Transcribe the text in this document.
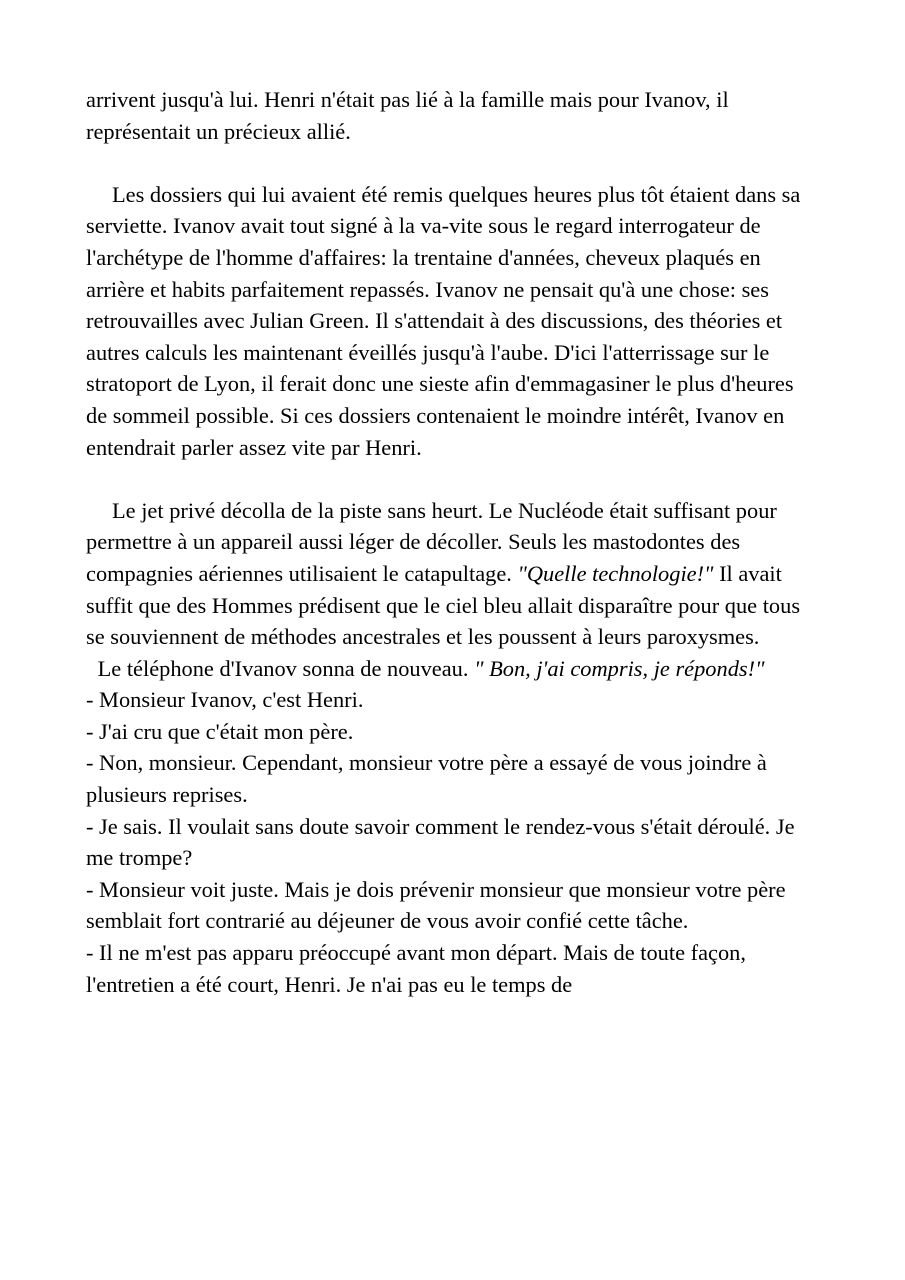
arrivent jusqu'à lui. Henri n'était pas lié à la famille mais pour Ivanov, il représentait un précieux allié.

Les dossiers qui lui avaient été remis quelques heures plus tôt étaient dans sa serviette. Ivanov avait tout signé à la va-vite sous le regard interrogateur de l'archétype de l'homme d'affaires: la trentaine d'années, cheveux plaqués en arrière et habits parfaitement repassés. Ivanov ne pensait qu'à une chose: ses retrouvailles avec Julian Green. Il s'attendait à des discussions, des théories et autres calculs les maintenant éveillés jusqu'à l'aube. D'ici l'atterrissage sur le stratoport de Lyon, il ferait donc une sieste afin d'emmagasiner le plus d'heures de sommeil possible. Si ces dossiers contenaient le moindre intérêt, Ivanov en entendrait parler assez vite par Henri.

Le jet privé décolla de la piste sans heurt. Le Nucléode était suffisant pour permettre à un appareil aussi léger de décoller. Seuls les mastodontes des compagnies aériennes utilisaient le catapultage. "Quelle technologie!" Il avait suffit que des Hommes prédisent que le ciel bleu allait disparaître pour que tous se souviennent de méthodes ancestrales et les poussent à leurs paroxysmes.

Le téléphone d'Ivanov sonna de nouveau. " Bon, j'ai compris, je réponds!"

- Monsieur Ivanov, c'est Henri.

- J'ai cru que c'était mon père.

- Non, monsieur. Cependant, monsieur votre père a essayé de vous joindre à plusieurs reprises.

- Je sais. Il voulait sans doute savoir comment le rendez-vous s'était déroulé. Je me trompe?

- Monsieur voit juste. Mais je dois prévenir monsieur que monsieur votre père semblait fort contrarié au déjeuner de vous avoir confié cette tâche.

- Il ne m'est pas apparu préoccupé avant mon départ. Mais de toute façon, l'entretien a été court, Henri. Je n'ai pas eu le temps de
